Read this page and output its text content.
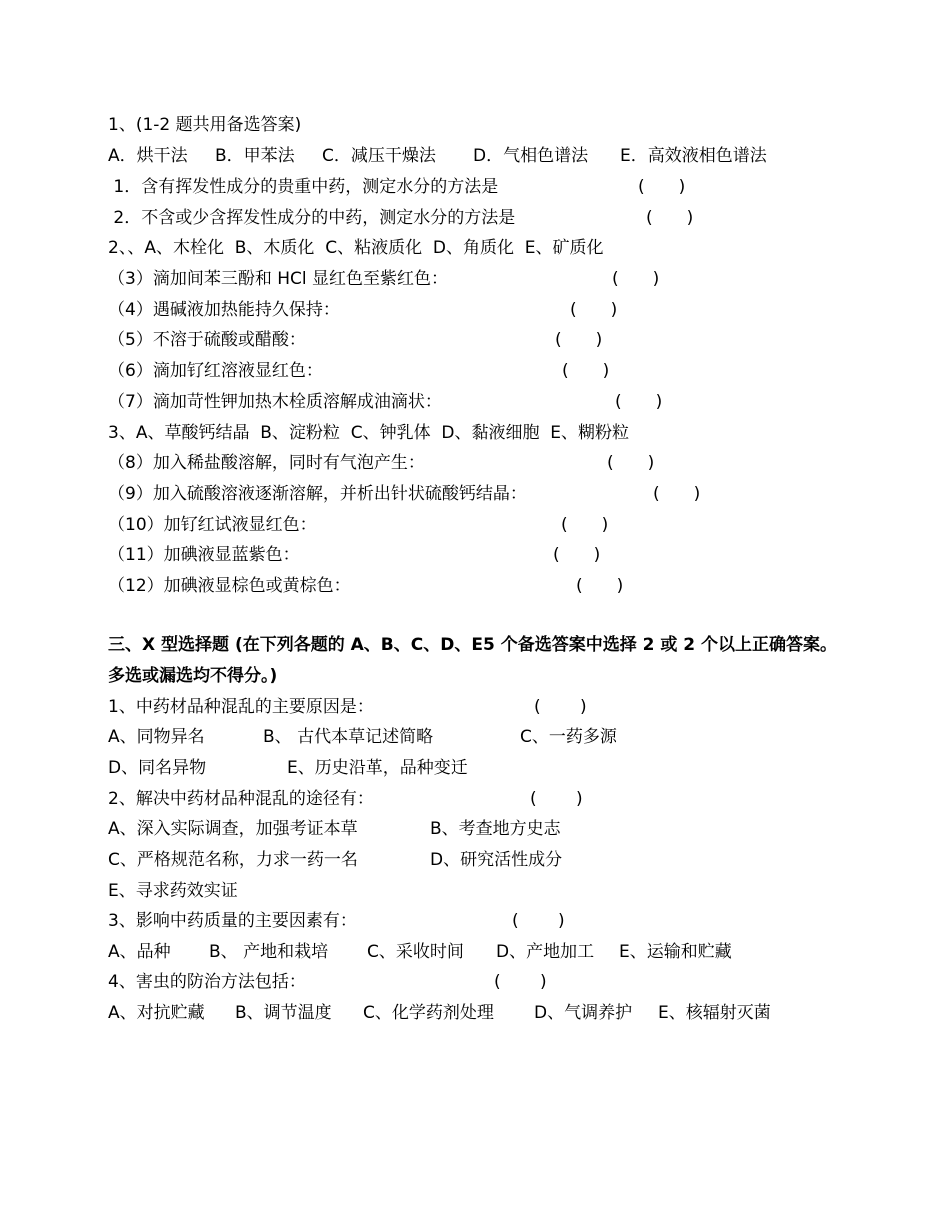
1、(1-2 题共用备选答案)

A．烘干法

B．甲苯法

C．减压干燥法

D．气相色谱法

E．高效液相色谱法

1．含有挥发性成分的贵重中药，测定水分的方法是

	(　　)

2．不含或少含挥发性成分的中药，测定水分的方法是

	(　　)

2、、A、木栓化  B、木质化  C、粘液质化  D、角质化  E、矿质化

（3）滴加间苯三酚和 HCl 显红色至紫红色：

	(　　)

（4）遇碱液加热能持久保持：

	(　　)

（5）不溶于硫酸或醋酸：

	(　　)

（6）滴加钌红溶液显红色：

	(　　)

（7）滴加苛性钾加热木栓质溶解成油滴状：

	(　　)

3、A、草酸钙结晶  B、淀粉粒  C、钟乳体  D、黏液细胞  E、糊粉粒

（8）加入稀盐酸溶解，同时有气泡产生：

	(　　)

（9）加入硫酸溶液逐渐溶解，并析出针状硫酸钙结晶：

	(　　)

（10）加钌红试液显红色：

	(　　)

（11）加碘液显蓝紫色：

	(　　)

（12）加碘液显棕色或黄棕色：

	(　　)

三、X 型选择题 (在下列各题的 A、B、C、D、E5 个备选答案中选择 2 或 2 个以上正确答案。

多选或漏选均不得分。)

1、中药材品种混乱的主要原因是：

	(　　 )

A、同物异名

	B、 古代本草记述简略

	C、一药多源

D、同名异物

	E、历史沿革，品种变迁

2、解决中药材品种混乱的途径有：

	(　　 )

A、深入实际调查，加强考证本草

	B、考查地方史志

C、严格规范名称，力求一药一名

	D、研究活性成分

E、寻求药效实证

3、影响中药质量的主要因素有：

	(　　 )

A、品种

B、 产地和栽培

C、采收时间

D、产地加工

E、运输和贮藏

4、害虫的防治方法包括：

	(　　 )

A、对抗贮藏

B、调节温度

C、化学药剂处理

D、气调养护

E、核辐射灭菌
